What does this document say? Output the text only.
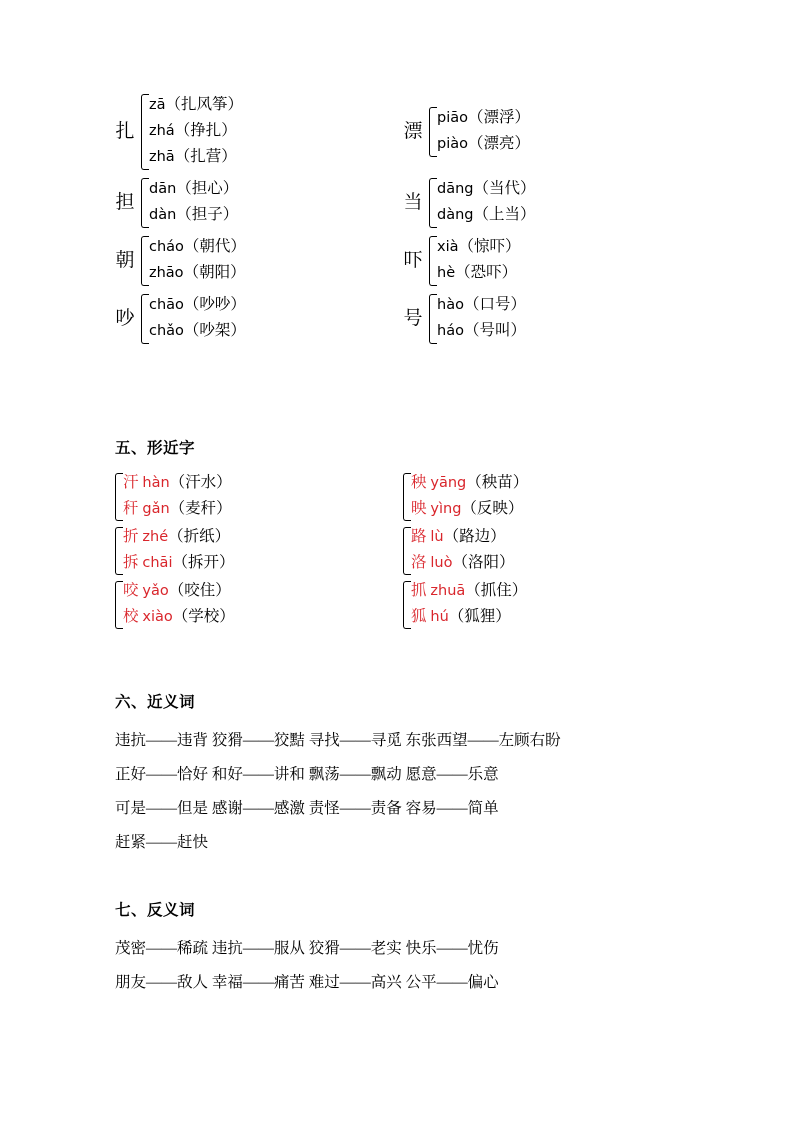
扎
zā（扎风筝）
zhá（挣扎）
zhā（扎营）
漂
piāo（漂浮）
piào（漂亮）
担
dān（担心）
dàn（担子）
当
dāng（当代）
dàng（上当）
朝
cháo（朝代）
zhāo（朝阳）
吓
xià（惊吓）
hè（恐吓）
吵
chāo（吵吵）
chǎo（吵架）
号
hào（口号）
háo（号叫）
五、形近字
汗 hàn（汗水）
秆 gǎn（麦秆）
秧 yāng（秧苗）
映 yìng（反映）
折 zhé（折纸）
拆 chāi（拆开）
路 lù（路边）
洛 luò（洛阳）
咬 yǎo（咬住）
校 xiào（学校）
抓 zhuā（抓住）
狐 hú（狐狸）
六、近义词
违抗——违背 狡猾——狡黠 寻找——寻觅 东张西望——左顾右盼
正好——恰好 和好——讲和 飘荡——飘动 愿意——乐意
可是——但是 感谢——感激 责怪——责备 容易——简单
赶紧——赶快
七、反义词
茂密——稀疏 违抗——服从 狡猾——老实 快乐——忧伤
朋友——敌人 幸福——痛苦 难过——高兴 公平——偏心
